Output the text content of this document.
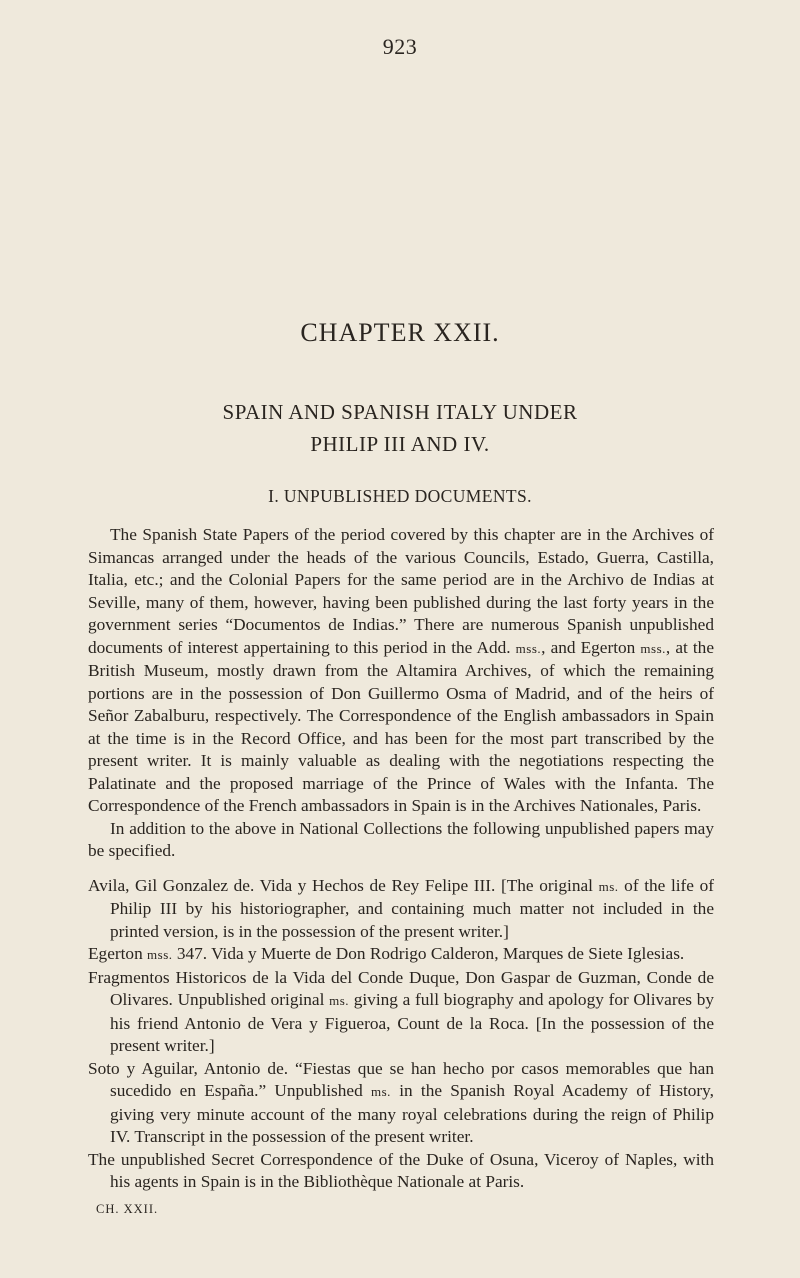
923
CHAPTER XXII.
SPAIN AND SPANISH ITALY UNDER
PHILIP III AND IV.
I. UNPUBLISHED DOCUMENTS.

The Spanish State Papers of the period covered by this chapter are in the Archives of Simancas arranged under the heads of the various Councils, Estado, Guerra, Castilla, Italia, etc.; and the Colonial Papers for the same period are in the Archivo de Indias at Seville, many of them, however, having been published during the last forty years in the government series “Documentos de Indias.” There are numerous Spanish unpublished documents of interest appertaining to this period in the Add. mss., and Egerton mss., at the British Museum, mostly drawn from the Altamira Archives, of which the remaining portions are in the possession of Don Guillermo Osma of Madrid, and of the heirs of Señor Zabalburu, respectively. The Correspondence of the English ambassadors in Spain at the time is in the Record Office, and has been for the most part transcribed by the present writer. It is mainly valuable as dealing with the negotiations respecting the Palatinate and the proposed marriage of the Prince of Wales with the Infanta. The Correspondence of the French ambassadors in Spain is in the Archives Nationales, Paris.

In addition to the above in National Collections the following unpublished papers may be specified.

Avila, Gil Gonzalez de. Vida y Hechos de Rey Felipe III. [The original ms. of the life of Philip III by his historiographer, and containing much matter not included in the printed version, is in the possession of the present writer.]

Egerton mss. 347. Vida y Muerte de Don Rodrigo Calderon, Marques de Siete Iglesias.

Fragmentos Historicos de la Vida del Conde Duque, Don Gaspar de Guzman, Conde de Olivares. Unpublished original ms. giving a full biography and apology for Olivares by his friend Antonio de Vera y Figueroa, Count de la Roca. [In the possession of the present writer.]

Soto y Aguilar, Antonio de. “Fiestas que se han hecho por casos memorables que han sucedido en España.” Unpublished ms. in the Spanish Royal Academy of History, giving very minute account of the many royal celebrations during the reign of Philip IV. Transcript in the possession of the present writer.

The unpublished Secret Correspondence of the Duke of Osuna, Viceroy of Naples, with his agents in Spain is in the Bibliothèque Nationale at Paris.

CH. XXII.
